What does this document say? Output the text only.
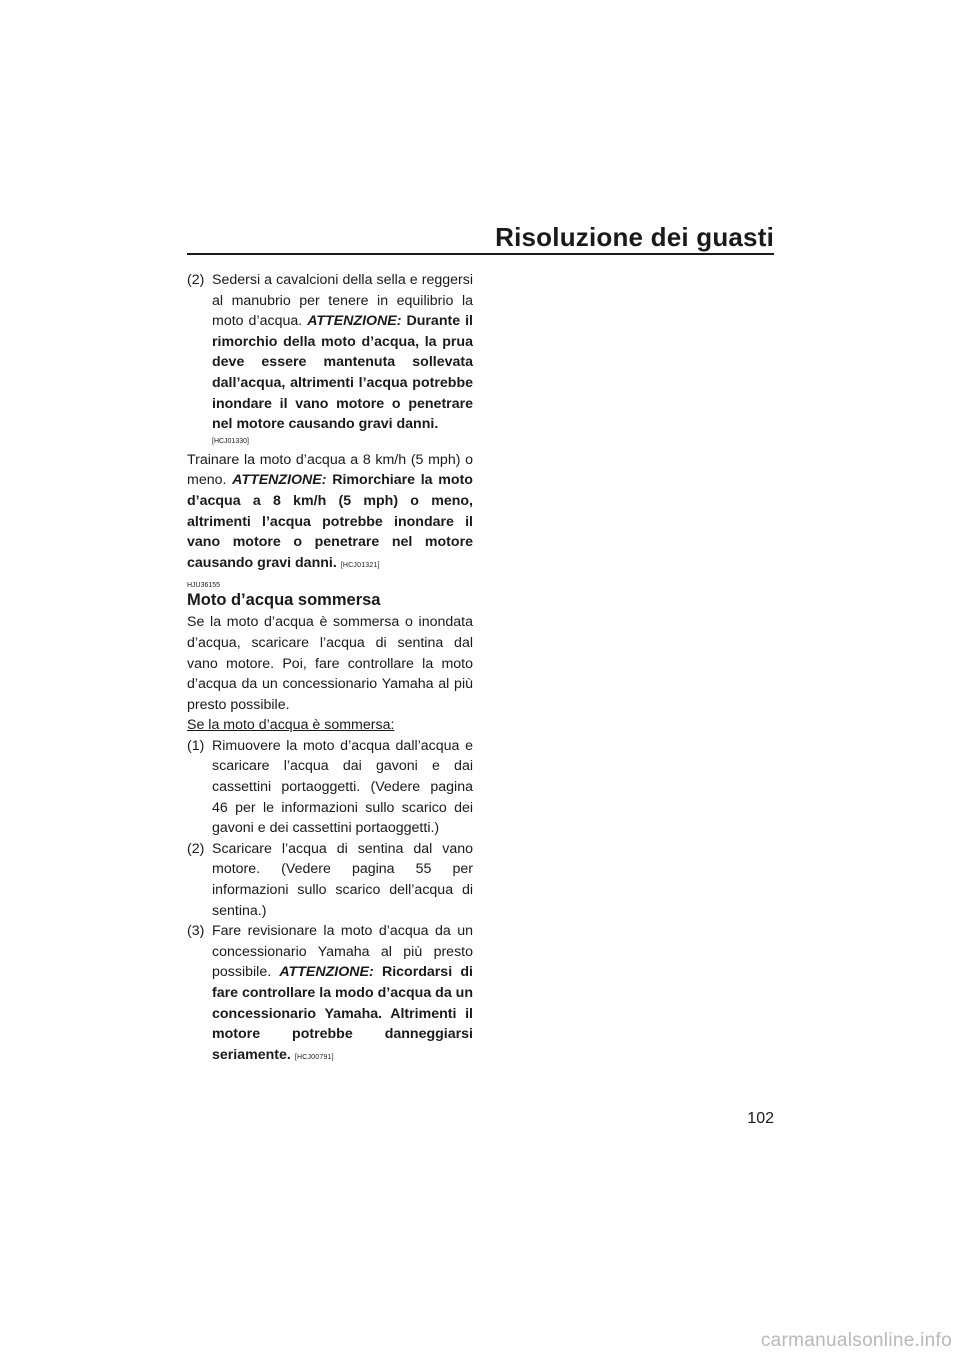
Risoluzione dei guasti
(2) Sedersi a cavalcioni della sella e reggersi al manubrio per tenere in equilibrio la moto d’acqua. ATTENZIONE: Durante il rimorchio della moto d’acqua, la prua deve essere mantenuta sollevata dall’acqua, altrimenti l’acqua potrebbe inondare il vano motore o penetrare nel motore causando gravi danni.
[HCJ01330]

Trainare la moto d’acqua a 8 km/h (5 mph) o meno. ATTENZIONE: Rimorchiare la moto d’acqua a 8 km/h (5 mph) o meno, altrimenti l’acqua potrebbe inondare il vano motore o penetrare nel motore causando gravi danni. [HCJ01321]

HJU36155
Moto d’acqua sommersa

Se la moto d’acqua è sommersa o inondata d’acqua, scaricare l’acqua di sentina dal vano motore. Poi, fare controllare la moto d’acqua da un concessionario Yamaha al più presto possibile.

Se la moto d’acqua è sommersa:

(1) Rimuovere la moto d’acqua dall’acqua e scaricare l’acqua dai gavoni e dai cassettini portaoggetti. (Vedere pagina 46 per le informazioni sullo scarico dei gavoni e dei cassettini portaoggetti.)
(2) Scaricare l’acqua di sentina dal vano motore. (Vedere pagina 55 per informazioni sullo scarico dell’acqua di sentina.)
(3) Fare revisionare la moto d’acqua da un concessionario Yamaha al più presto possibile. ATTENZIONE: Ricordarsi di fare controllare la modo d’acqua da un concessionario Yamaha. Altrimenti il motore potrebbe danneggiarsi seriamente. [HCJ00791]
102
carmanualsonline.info
